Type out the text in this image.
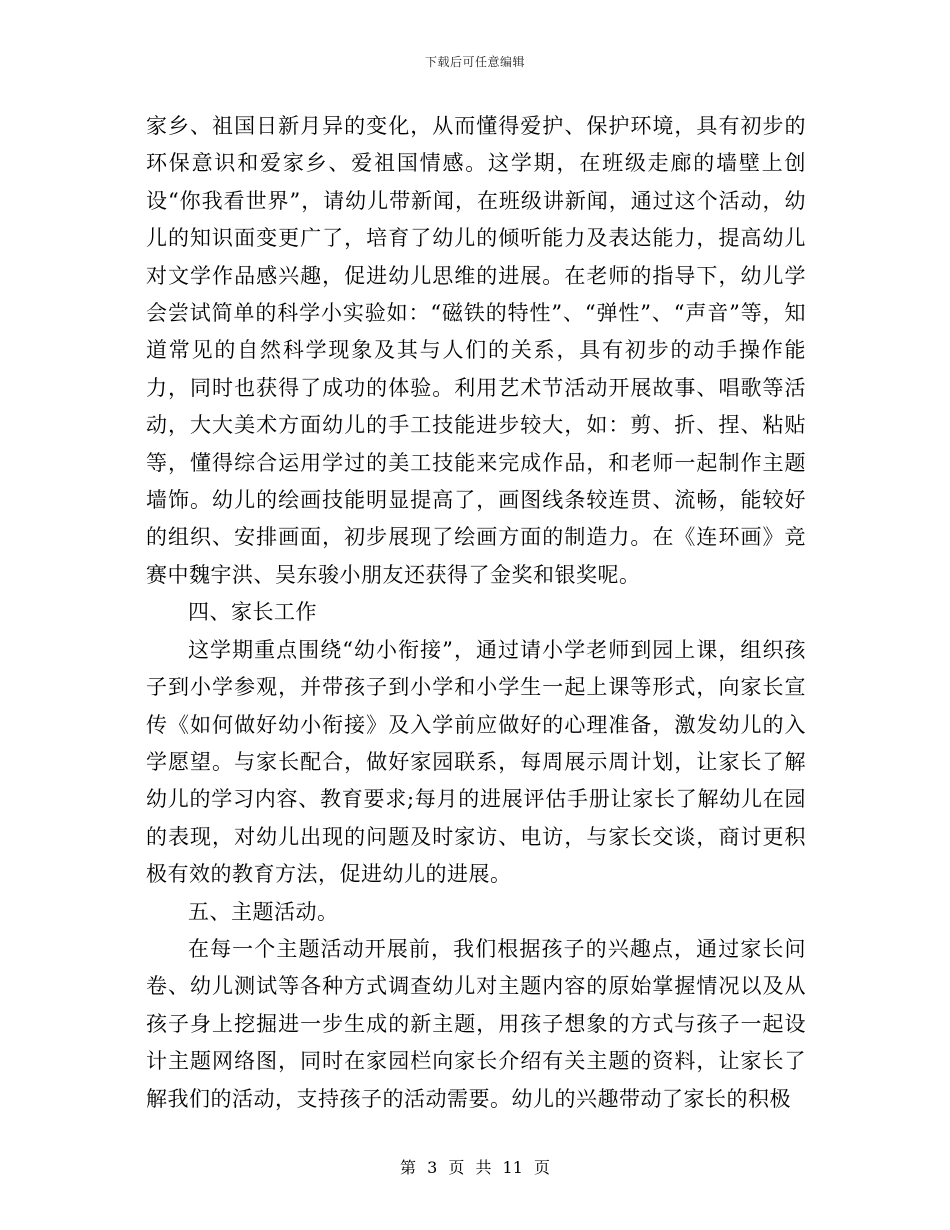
下载后可任意编辑

家乡、祖国日新月异的变化，从而懂得爱护、保护环境，具有初步的环保意识和爱家乡、爱祖国情感。这学期，在班级走廊的墙壁上创设“你我看世界”，请幼儿带新闻，在班级讲新闻，通过这个活动，幼儿的知识面变更广了，培育了幼儿的倾听能力及表达能力，提高幼儿对文学作品感兴趣，促进幼儿思维的进展。在老师的指导下，幼儿学会尝试简单的科学小实验如：“磁铁的特性”、“弹性”、“声音”等，知道常见的自然科学现象及其与人们的关系，具有初步的动手操作能力，同时也获得了成功的体验。利用艺术节活动开展故事、唱歌等活动，大大美术方面幼儿的手工技能进步较大，如：剪、折、捏、粘贴等，懂得综合运用学过的美工技能来完成作品，和老师一起制作主题墙饰。幼儿的绘画技能明显提高了，画图线条较连贯、流畅，能较好的组织、安排画面，初步展现了绘画方面的制造力。在《连环画》竞赛中魏宇洪、吴东骏小朋友还获得了金奖和银奖呢。

四、家长工作

这学期重点围绕“幼小衔接”，通过请小学老师到园上课，组织孩子到小学参观，并带孩子到小学和小学生一起上课等形式，向家长宣传《如何做好幼小衔接》及入学前应做好的心理准备，激发幼儿的入学愿望。与家长配合，做好家园联系，每周展示周计划，让家长了解幼儿的学习内容、教育要求;每月的进展评估手册让家长了解幼儿在园的表现，对幼儿出现的问题及时家访、电访，与家长交谈，商讨更积极有效的教育方法，促进幼儿的进展。

五、主题活动。

在每一个主题活动开展前，我们根据孩子的兴趣点，通过家长问卷、幼儿测试等各种方式调查幼儿对主题内容的原始掌握情况以及从孩子身上挖掘进一步生成的新主题，用孩子想象的方式与孩子一起设计主题网络图，同时在家园栏向家长介绍有关主题的资料，让家长了解我们的活动，支持孩子的活动需要。幼儿的兴趣带动了家长的积极

第 3 页 共 11 页
